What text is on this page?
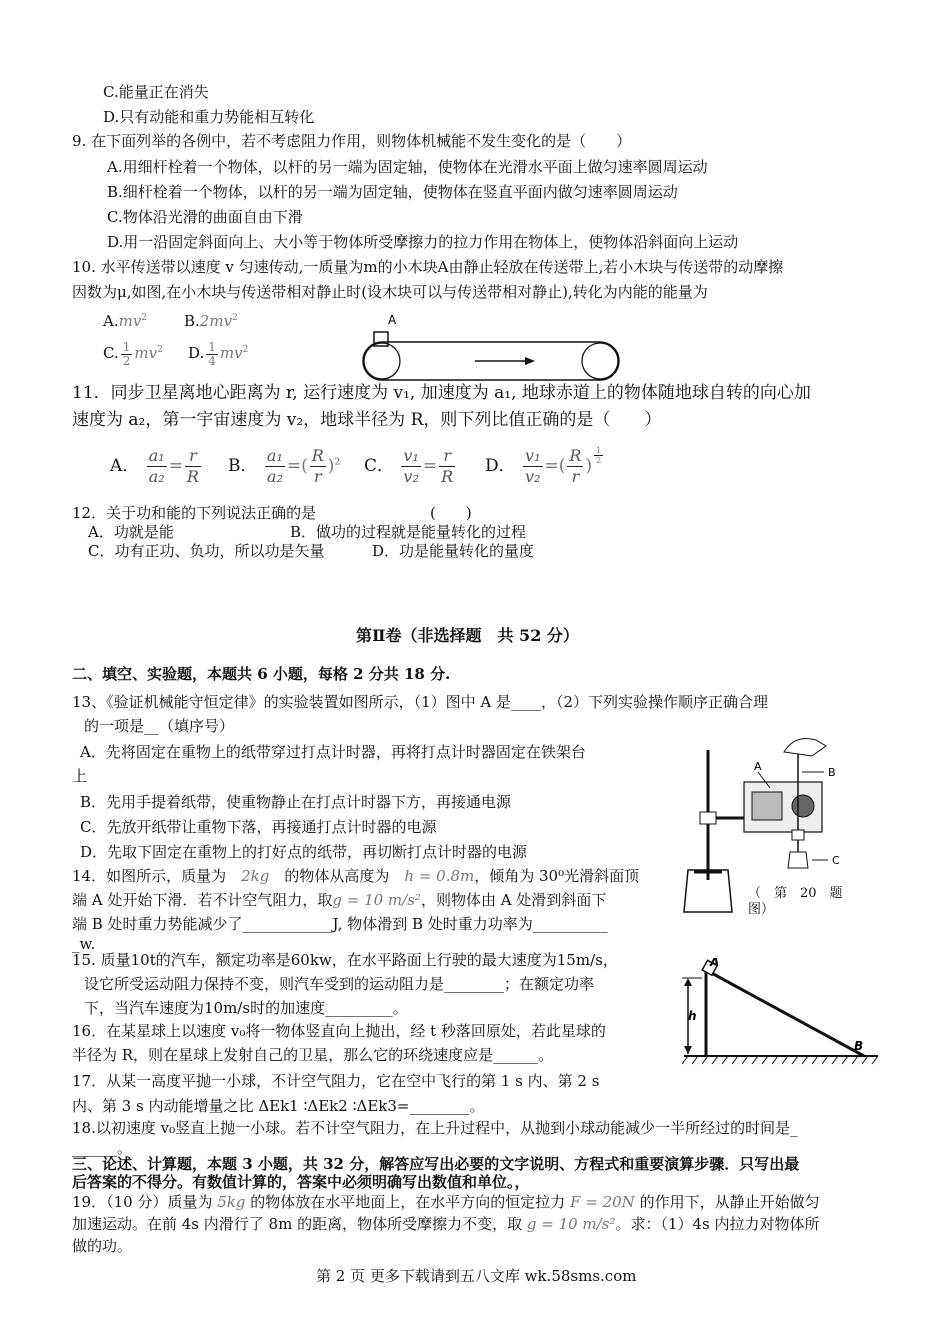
C.能量正在消失
D.只有动能和重力势能相互转化
9. 在下面列举的各例中，若不考虑阻力作用，则物体机械能不发生变化的是（　　）
A.用细杆栓着一个物体，以杆的另一端为固定轴，使物体在光滑水平面上做匀速率圆周运动
B.细杆栓着一个物体，以杆的另一端为固定轴，使物体在竖直平面内做匀速率圆周运动
C.物体沿光滑的曲面自由下滑
D.用一沿固定斜面向上、大小等于物体所受摩擦力的拉力作用在物体上，使物体沿斜面向上运动
10. 水平传送带以速度 v 匀速传动,一质量为m的小木块A由静止轻放在传送带上,若小木块与传送带的动摩擦
因数为μ,如图,在小木块与传送带相对静止时(设木块可以与传送带相对静止),转化为内能的能量为
$A.mv^2$ $B.2mv^2$
C. $\frac{1}{2} mv^2$ D. $\frac{1}{4} mv^2$
A
11．同步卫星离地心距离为 r, 运行速度为 v₁, 加速度为 a₁, 地球赤道上的物体随地球自转的向心加
速度为 a₂，第一宇宙速度为 v₂，地球半径为 R，则下列比值正确的是（　　）
A． $\frac{\text{a₁}}{\text{a₂}} = \frac{r}{R}$ B． $\frac{\text{a₁}}{\text{a₂}}$ =( $\frac{R}{r} )^2$ C． $\frac{\text{v₁}}{\text{v₂}} = \frac{r}{R}$ D． $\frac{\text{v₁}}{\text{v₂}}$ =( $\frac{R}{r}$ )
$\frac{1}{2}$
12．关于功和能的下列说法正确的是	(　　)
A．功就是能	B．做功的过程就是能量转化的过程
C．功有正功、负功，所以功是矢量	D．功是能量转化的量度
第Ⅱ卷（非选择题　共 52 分）
二、填空、实验题，本题共 6 小题，每格 2 分共 18 分.
13、《验证机械能守恒定律》的实验装置如图所示，（1）图中 A 是____，（2）下列实验操作顺序正确合理
的一项是__（填序号）
A．先将固定在重物上的纸带穿过打点计时器，再将打点计时器固定在铁架台
上
B．先用手提着纸带，使重物静止在打点计时器下方，再接通电源
C．先放开纸带让重物下落，再接通打点计时器的电源
D．先取下固定在重物上的打好点的纸带，再切断打点计时器的电源
A	B
C
（　第　20　题
图）
14．如图所示，质量为　 2kg　 的物体从高度为　 h = 0.8m，倾角为 30⁰光滑斜面顶
端 A 处开始下滑．若不计空气阻力，取g = 10 m/s²，则物体由 A 处滑到斜面下
端 B 处时重力势能减少了____________J, 物体滑到 B 处时重力功率为__________
_w.
15. 质量10t的汽车，额定功率是60kw，在水平路面上行驶的最大速度为15m/s，
设它所受运动阻力保持不变，则汽车受到的运动阻力是________；在额定功率
下，当汽车速度为10m/s时的加速度_________。
A
h
B
16．在某星球上以速度 v₀将一物体竖直向上抛出，经 t 秒落回原处，若此星球的
半径为 R，则在星球上发射自己的卫星，那么它的环绕速度应是______。
17．从某一高度平抛一小球，不计空气阻力，它在空中飞行的第 1 s 内、第 2 s
内、第 3 s 内动能增量之比 ΔEk1 ∶ΔEk2 ∶ΔEk3=________。
18.以初速度 v₀竖直上抛一小球。若不计空气阻力，在上升过程中，从抛到小球动能减少一半所经过的时间是_
______。
三、论述、计算题，本题 3 小题，共 32 分，解答应写出必要的文字说明、方程式和重要演算步骤．只写出最
后答案的不得分。有数值计算的，答案中必须明确写出数值和单位。，
19．（10 分）质量为 5kg 的物体放在水平地面上，在水平方向的恒定拉力 F = 20N 的作用下，从静止开始做匀
加速运动。在前 4s 内滑行了 8m 的距离，物体所受摩擦力不变，取 g = 10 m/s²。求：（1）4s 内拉力对物体所
做的功。
第 2 页 更多下载请到五八文库 wk.58sms.com
